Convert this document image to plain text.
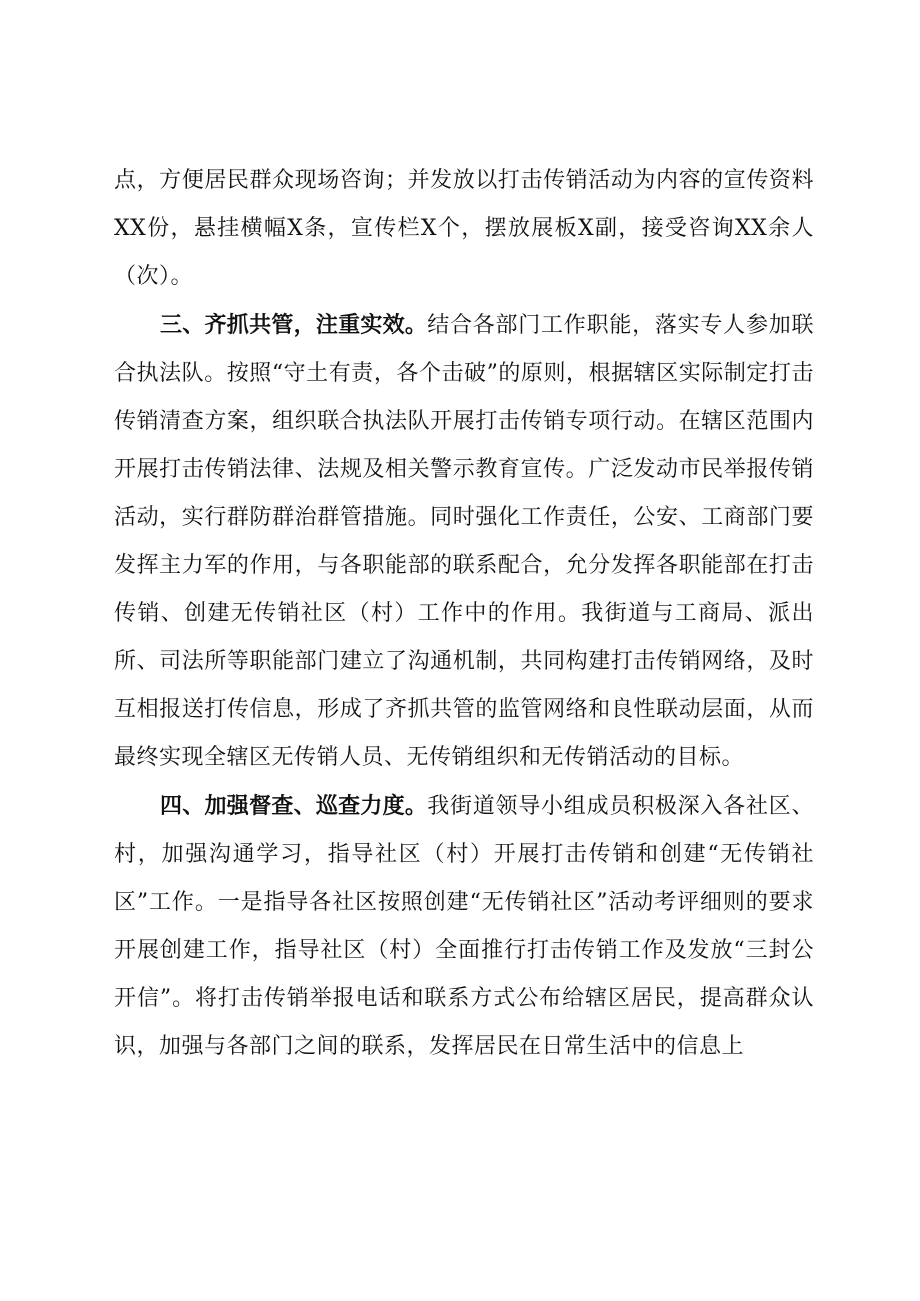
点，方便居民群众现场咨询；并发放以打击传销活动为内容的宣传资料XX份，悬挂横幅X条，宣传栏X个，摆放展板X副，接受咨询XX余人（次）。

三、齐抓共管，注重实效。结合各部门工作职能，落实专人参加联合执法队。按照“守土有责，各个击破”的原则，根据辖区实际制定打击传销清查方案，组织联合执法队开展打击传销专项行动。在辖区范围内开展打击传销法律、法规及相关警示教育宣传。广泛发动市民举报传销活动，实行群防群治群管措施。同时强化工作责任，公安、工商部门要发挥主力军的作用，与各职能部的联系配合，允分发挥各职能部在打击传销、创建无传销社区（村）工作中的作用。我街道与工商局、派出所、司法所等职能部门建立了沟通机制，共同构建打击传销网络，及时互相报送打传信息，形成了齐抓共管的监管网络和良性联动层面，从而最终实现全辖区无传销人员、无传销组织和无传销活动的目标。

四、加强督查、巡查力度。我街道领导小组成员积极深入各社区、村，加强沟通学习，指导社区（村）开展打击传销和创建“无传销社区”工作。一是指导各社区按照创建“无传销社区”活动考评细则的要求开展创建工作，指导社区（村）全面推行打击传销工作及发放“三封公开信”。将打击传销举报电话和联系方式公布给辖区居民，提高群众认识，加强与各部门之间的联系，发挥居民在日常生活中的信息上
